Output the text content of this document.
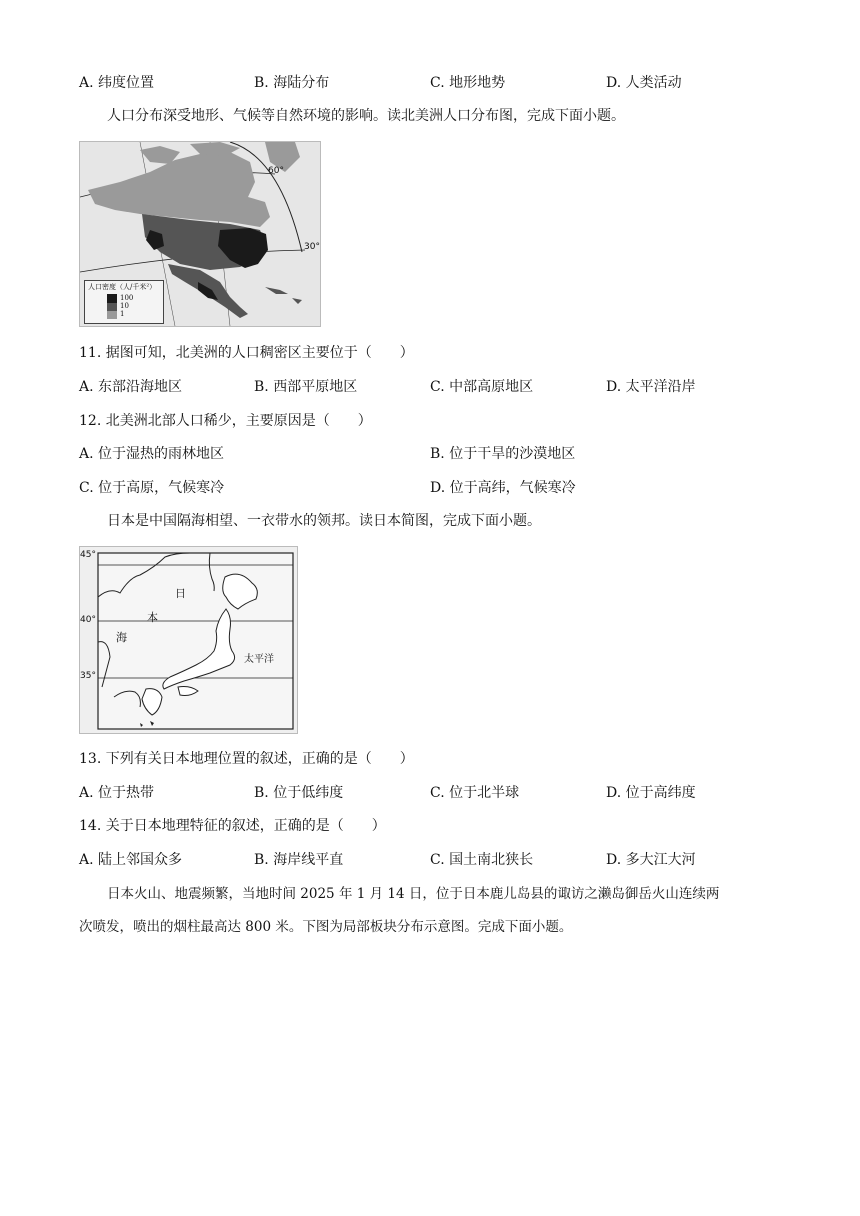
A. 纬度位置	B. 海陆分布	C. 地形地势	D. 人类活动
人口分布深受地形、气候等自然环境的影响。读北美洲人口分布图，完成下面小题。
60°
30°
人口密度（人/千米²）
100
10
1
11. 据图可知，北美洲的人口稠密区主要位于（　　）
A. 东部沿海地区	B. 西部平原地区	C. 中部高原地区	D. 太平洋沿岸
12. 北美洲北部人口稀少，主要原因是（　　）
A. 位于湿热的雨林地区	B. 位于干旱的沙漠地区
C. 位于高原，气候寒冷	D. 位于高纬，气候寒冷
日本是中国隔海相望、一衣带水的领邦。读日本简图，完成下面小题。
45°
40°
35°
日
本
海
太平洋
13. 下列有关日本地理位置的叙述，正确的是（　　）
A. 位于热带	B. 位于低纬度	C. 位于北半球	D. 位于高纬度
14. 关于日本地理特征的叙述，正确的是（　　）
A. 陆上邻国众多	B. 海岸线平直	C. 国土南北狭长	D. 多大江大河
日本火山、地震频繁，当地时间 2025 年 1 月 14 日，位于日本鹿儿岛县的诹访之濑岛御岳火山连续两
次喷发，喷出的烟柱最高达 800 米。下图为局部板块分布示意图。完成下面小题。
